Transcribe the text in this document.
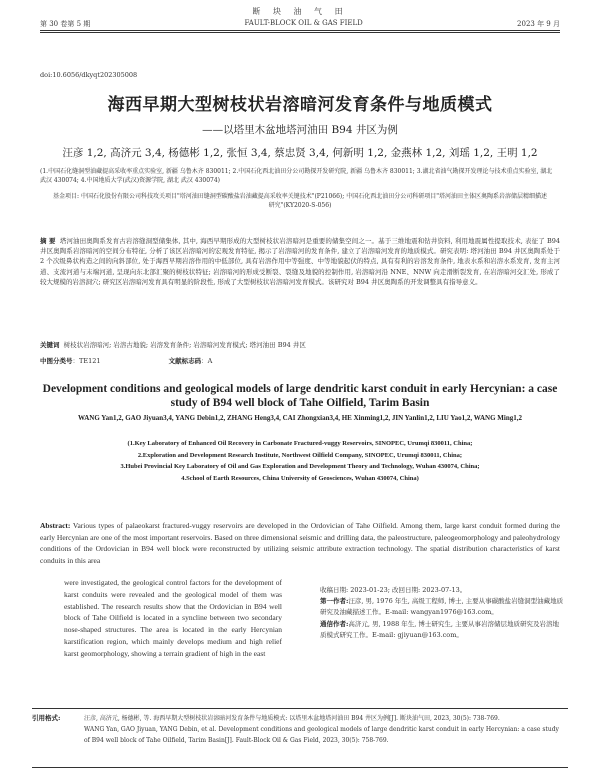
断 块 油 气 田
第 30 卷第 5 期	FAULT-BLOCK OIL & GAS FIELD	2023 年 9 月
doi:10.6056/dkyqt202305008
海西早期大型树枝状岩溶暗河发育条件与地质模式
——以塔里木盆地塔河油田 B94 井区为例
汪彦 1,2, 高济元 3,4, 杨德彬 1,2, 张恒 3,4, 蔡忠贤 3,4, 何新明 1,2, 金燕林 1,2, 刘瑶 1,2, 王明 1,2
(1.中国石化缝洞型油藏提高采收率重点实验室, 新疆 乌鲁木齐 830011; 2.中国石化西北油田分公司勘探开发研究院, 新疆 乌鲁木齐 830011; 3.湖北省油气勘探开发理论与技术重点实验室, 湖北 武汉 430074; 4.中国地质大学(武汉)资源学院, 湖北 武汉 430074)
基金项目: 中国石化股份有限公司科技攻关项目"塔河油田缝洞型碳酸盐岩油藏提高采收率关键技术"(P21066); 中国石化西北油田分公司科研项目"塔河油田主体区奥陶系岩溶储层精细描述研究"(KY2020-S-056)
摘 要 塔河油田奥陶系发育古岩溶缝洞型储集体, 其中, 海西早期形成的大型树枝状岩溶暗河是重要的储集空间之一。基于三维地震和钻井资料, 利用地震属性提取技术, 表征了 B94 井区奥陶系岩溶暗河的空间分布特征, 分析了该区岩溶暗河的宏观发育特征, 揭示了岩溶暗河的发育条件, 建立了岩溶暗河发育的地质模式。研究表明: 塔河油田 B94 井区奥陶系处于 2 个次级鼻状构造之间的向斜部位, 处于海西早期岩溶作用的中低部位, 具有岩溶作用中等强度、中等地貌起伏的特点, 具有有利的岩溶发育条件, 地表水系和岩溶水系发育, 发育主河道、支流河道与末端河道, 呈现向东北部汇聚的树枝状特征; 岩溶暗河的形成受断裂、裂缝及地貌的控制作用, 岩溶暗河沿 NNE、NNW 向走滑断裂发育, 在岩溶暗河交汇处, 形成了较大规模的岩溶洞穴; 研究区岩溶暗河发育具有明显的阶段性, 形成了大型树枝状岩溶暗河发育模式。该研究对 B94 井区奥陶系的开发调整具有指导意义。
关键词 树枝状岩溶暗河; 岩溶古地貌; 岩溶发育条件; 岩溶暗河发育模式; 塔河油田 B94 井区
中图分类号：TE121	文献标志码：A
Development conditions and geological models of large dendritic karst conduit in early Hercynian: a case study of B94 well block of Tahe Oilfield, Tarim Basin
WANG Yan1,2, GAO Jiyuan3,4, YANG Debin1,2, ZHANG Heng3,4, CAI Zhongxian3,4, HE Xinming1,2, JIN Yanlin1,2, LIU Yao1,2, WANG Ming1,2
(1.Key Laboratory of Enhanced Oil Recovery in Carbonate Fractured-vuggy Reservoirs, SINOPEC, Urumqi 830011, China;
2.Exploration and Development Research Institute, Northwest Oilfield Company, SINOPEC, Urumqi 830011, China;
3.Hubei Provincial Key Laboratory of Oil and Gas Exploration and Development Theory and Technology, Wuhan 430074, China;
4.School of Earth Resources, China University of Geosciences, Wuhan 430074, China)
Abstract: Various types of palaeokarst fractured-vuggy reservoirs are developed in the Ordovician of Tahe Oilfield. Among them, large karst conduit formed during the early Hercynian are one of the most important reservoirs. Based on three dimensional seismic and drilling data, the paleostructure, paleogeomorphology and paleohydrology conditions of the Ordovician in B94 well block were reconstructed by utilizing seismic attribute extraction technology. The spatial distribution characteristics of karst conduits in this area
were investigated, the geological control factors for the development of karst conduits were revealed and the geological model of them was established. The research results show that the Ordovician in B94 well block of Tahe Oilfield is located in a syncline between two secondary nose-shaped structures. The area is located in the early Hercynian karstification region, which mainly develops medium and high relief karst geomorphology, showing a terrain gradient of high in the east
收稿日期: 2023-01-23; 改回日期: 2023-07-13。
第一作者:汪彦, 男, 1976 年生, 高级工程师, 博士, 主要从事碳酸盐岩缝洞型油藏地质研究及油藏描述工作。E-mail: wangyan1976@163.com。
通信作者:高济元, 男, 1988 年生, 博士研究生, 主要从事岩溶储层地质研究及岩溶地质模式研究工作。E-mail: gjiyuan@163.com。
引用格式:	汪彦, 高济元, 杨德彬, 等. 海西早期大型树枝状岩溶暗河发育条件与地质模式: 以塔里木盆地塔河油田 B94 井区为例[J]. 断块油气田, 2023, 30(5): 738-769.
WANG Yan, GAO Jiyuan, YANG Debin, et al. Development conditions and geological models of large dendritic karst conduit in early Hercynian: a case study of B94 well block of Tahe Oilfield, Tarim Basin[J]. Fault-Block Oil & Gas Field, 2023, 30(5): 758-769.
